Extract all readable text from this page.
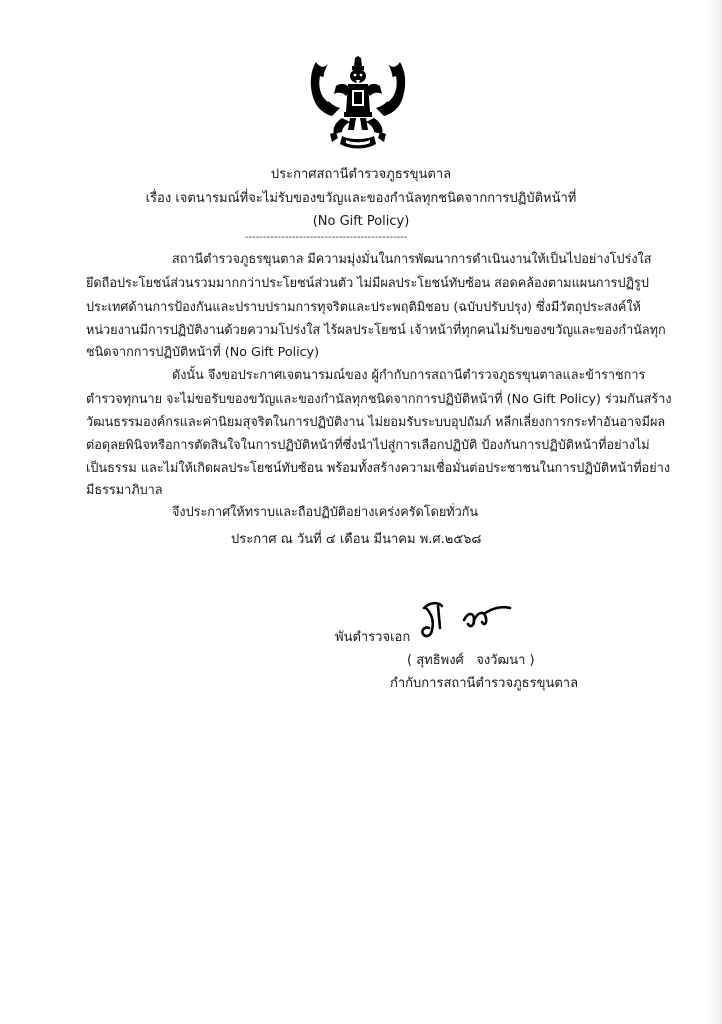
ประกาศสถานีตำรวจภูธรขุนตาล
เรื่อง เจตนารมณ์ที่จะไม่รับของขวัญและของกำนัลทุกชนิดจากการปฏิบัติหน้าที่
(No Gift Policy)
---------------------------------------------
สถานีตำรวจภูธรขุนตาล มีความมุ่งมั่นในการพัฒนาการดำเนินงานให้เป็นไปอย่างโปร่งใส
ยึดถือประโยชน์ส่วนรวมมากกว่าประโยชน์ส่วนตัว ไม่มีผลประโยชน์ทับซ้อน สอดคล้องตามแผนการปฏิรูป
ประเทศด้านการป้องกันและปราบปรามการทุจริตและประพฤติมิชอบ (ฉบับปรับปรุง) ซึ่งมีวัตถุประสงค์ให้
หน่วยงานมีการปฏิบัติงานด้วยความโปร่งใส ไร้ผลประโยชน์ เจ้าหน้าที่ทุกคนไม่รับของขวัญและของกำนัลทุก
ชนิดจากการปฏิบัติหน้าที่ (No Gift Policy)
ดังนั้น จึงขอประกาศเจตนารมณ์ของ ผู้กำกับการสถานีตำรวจภูธรขุนตาลและข้าราชการ
ตำรวจทุกนาย จะไม่ขอรับของขวัญและของกำนัลทุกชนิดจากการปฏิบัติหน้าที่ (No Gift Policy) ร่วมกันสร้าง
วัฒนธรรมองค์กรและค่านิยมสุจริตในการปฏิบัติงาน ไม่ยอมรับระบบอุปถัมภ์ หลีกเลี่ยงการกระทำอันอาจมีผล
ต่อดุลยพินิจหรือการตัดสินใจในการปฏิบัติหน้าที่ซึ่งนำไปสู่การเลือกปฏิบัติ ป้องกันการปฏิบัติหน้าที่อย่างไม่
เป็นธรรม และไม่ให้เกิดผลประโยชน์ทับซ้อน พร้อมทั้งสร้างความเชื่อมั่นต่อประชาชนในการปฏิบัติหน้าที่อย่าง
มีธรรมาภิบาล
จึงประกาศให้ทราบและถือปฏิบัติอย่างเคร่งครัดโดยทั่วกัน
ประกาศ ณ วันที่ ๔ เดือน มีนาคม พ.ศ.๒๕๖๘
พันตำรวจเอก
( สุทธิพงศ์   จงวัฒนา )
กำกับการสถานีตำรวจภูธรขุนตาล
